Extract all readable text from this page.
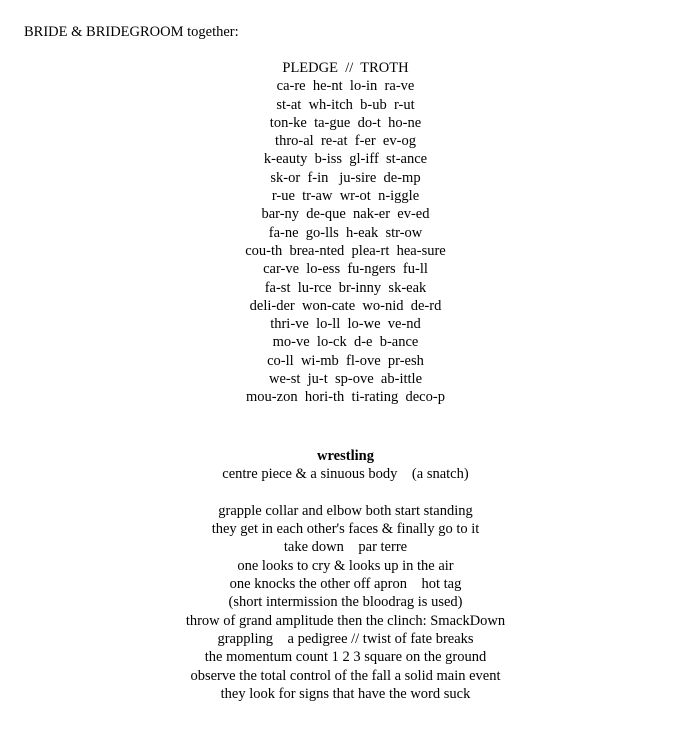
BRIDE & BRIDEGROOM together:
PLEDGE  //  TROTH
ca-re  he-nt  lo-in  ra-ve
st-at  wh-itch  b-ub  r-ut
ton-ke  ta-gue  do-t  ho-ne
thro-al  re-at  f-er  ev-og
k-eauty  b-iss  gl-iff  st-ance
sk-or  f-in   ju-sire  de-mp
r-ue  tr-aw  wr-ot  n-iggle
bar-ny  de-que  nak-er  ev-ed
fa-ne  go-lls  h-eak  str-ow
cou-th  brea-nted  plea-rt  hea-sure
car-ve  lo-ess  fu-ngers  fu-ll
fa-st  lu-rce  br-inny  sk-eak
deli-der  won-cate  wo-nid  de-rd
thri-ve  lo-ll  lo-we  ve-nd
mo-ve  lo-ck  d-e  b-ance
co-ll  wi-mb  fl-ove  pr-esh
we-st  ju-t  sp-ove  ab-ittle
mou-zon  hori-th  ti-rating  deco-p
wrestling
centre piece & a sinuous body    (a snatch)
grapple collar and elbow both start standing
they get in each other's faces & finally go to it
take down    par terre
one looks to cry & looks up in the air
one knocks the other off apron    hot tag
(short intermission the bloodrag is used)
throw of grand amplitude then the clinch: SmackDown
grappling    a pedigree // twist of fate breaks
the momentum count 1 2 3 square on the ground
observe the total control of the fall a solid main event
they look for signs that have the word suck
